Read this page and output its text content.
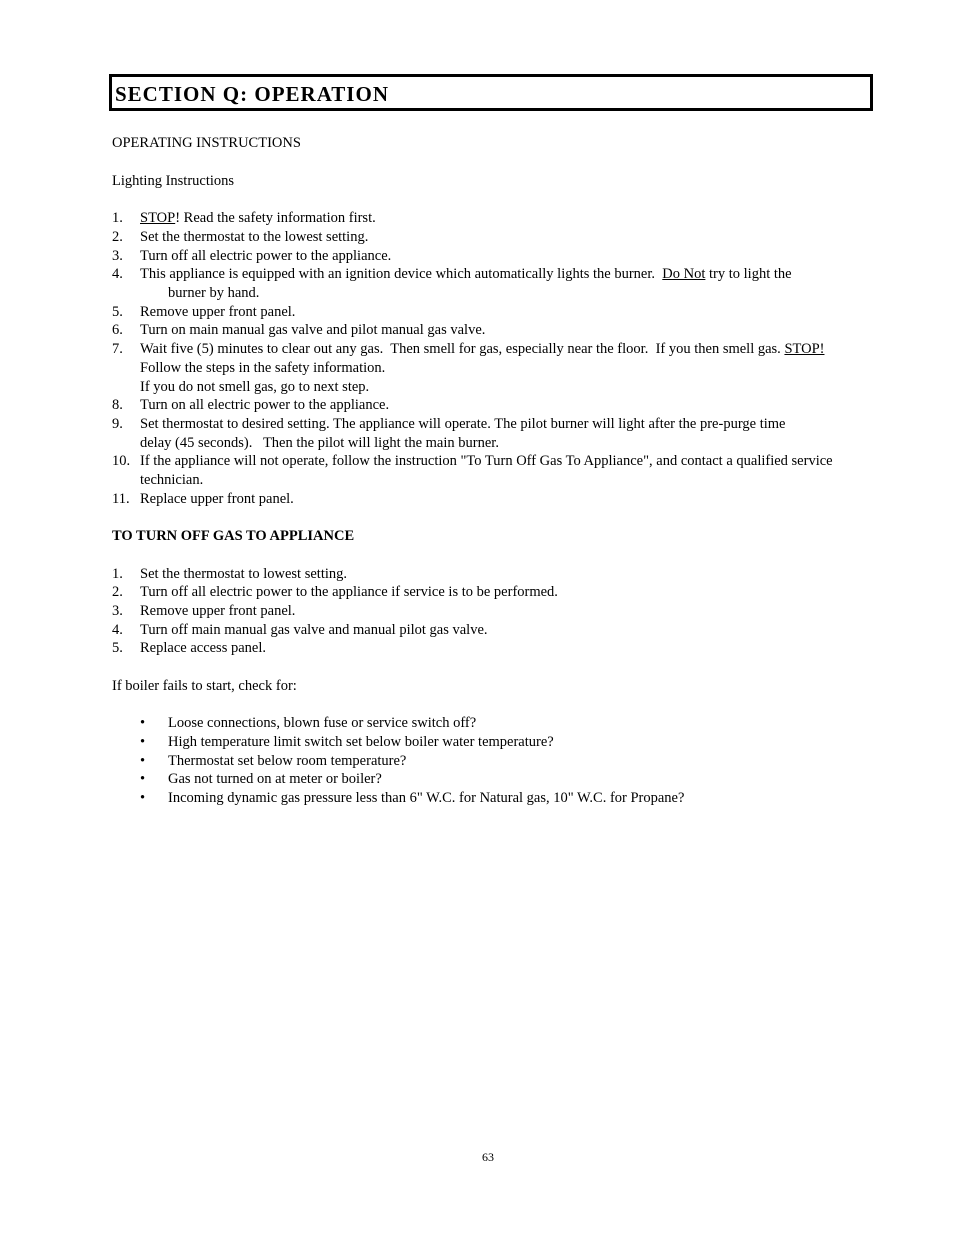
SECTION Q: OPERATION
OPERATING INSTRUCTIONS
Lighting Instructions
1. STOP! Read the safety information first.
2. Set the thermostat to the lowest setting.
3. Turn off all electric power to the appliance.
4. This appliance is equipped with an ignition device which automatically lights the burner.  Do Not try to light the
burner by hand.
5. Remove upper front panel.
6. Turn on main manual gas valve and pilot manual gas valve.
7. Wait five (5) minutes to clear out any gas.  Then smell for gas, especially near the floor.  If you then smell gas. STOP!
Follow the steps in the safety information.
If you do not smell gas, go to next step.
8. Turn on all electric power to the appliance.
9. Set thermostat to desired setting. The appliance will operate. The pilot burner will light after the pre-purge time
delay (45 seconds).   Then the pilot will light the main burner.
10. If the appliance will not operate, follow the instruction "To Turn Off Gas To Appliance", and contact a qualified service
technician.
11. Replace upper front panel.
TO TURN OFF GAS TO APPLIANCE
1. Set the thermostat to lowest setting.
2. Turn off all electric power to the appliance if service is to be performed.
3. Remove upper front panel.
4. Turn off main manual gas valve and manual pilot gas valve.
5. Replace access panel.
If boiler fails to start, check for:
• Loose connections, blown fuse or service switch off?
• High temperature limit switch set below boiler water temperature?
• Thermostat set below room temperature?
• Gas not turned on at meter or boiler?
• Incoming dynamic gas pressure less than 6" W.C. for Natural gas, 10" W.C. for Propane?
63
